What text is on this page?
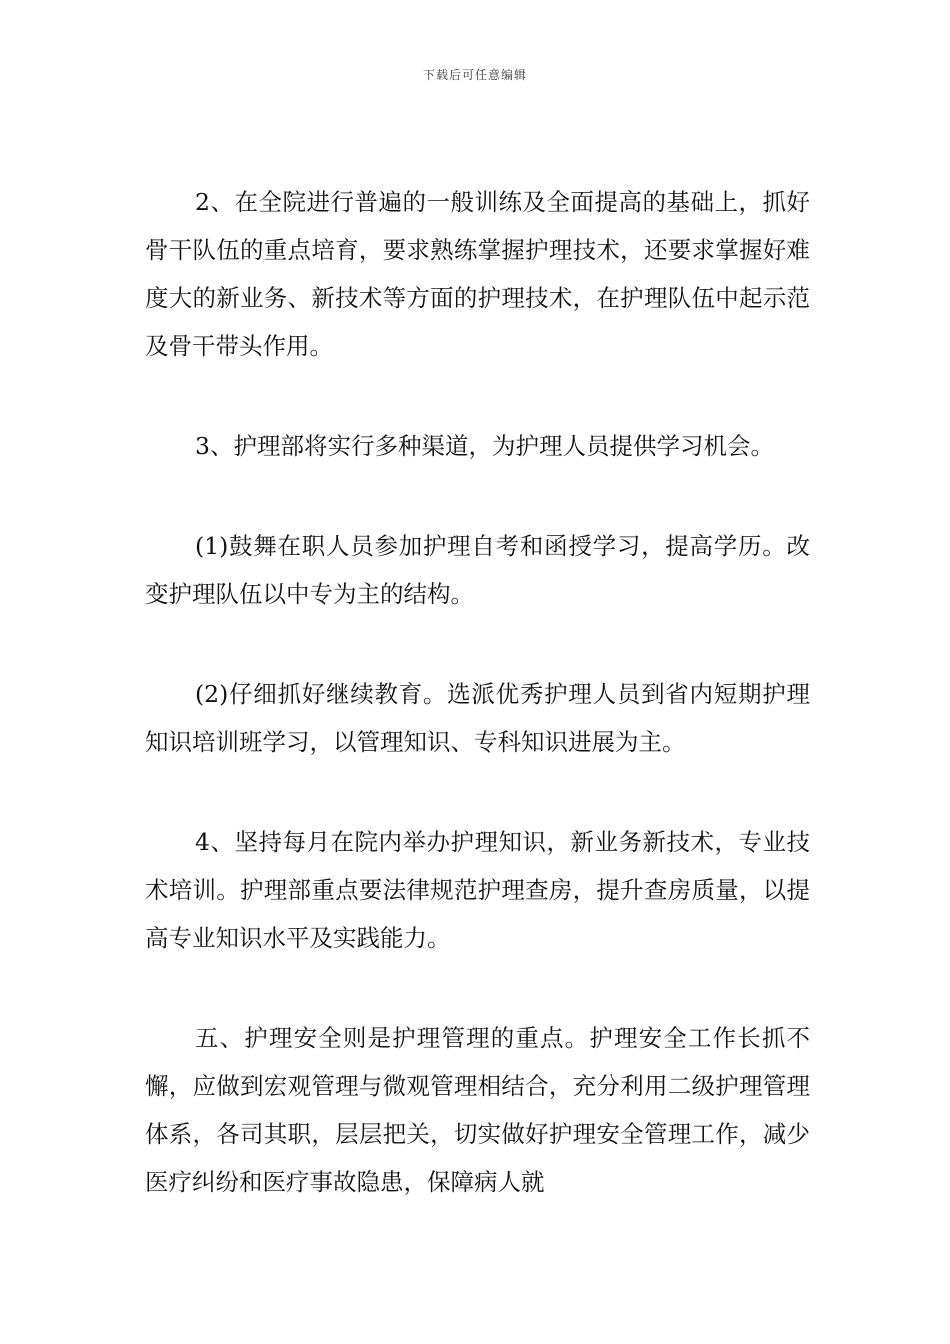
下载后可任意编辑

2、在全院进行普遍的一般训练及全面提高的基础上，抓好骨干队伍的重点培育，要求熟练掌握护理技术，还要求掌握好难度大的新业务、新技术等方面的护理技术，在护理队伍中起示范及骨干带头作用。

3、护理部将实行多种渠道，为护理人员提供学习机会。

(1)鼓舞在职人员参加护理自考和函授学习，提高学历。改变护理队伍以中专为主的结构。

(2)仔细抓好继续教育。选派优秀护理人员到省内短期护理知识培训班学习，以管理知识、专科知识进展为主。

4、坚持每月在院内举办护理知识，新业务新技术，专业技术培训。护理部重点要法律规范护理查房，提升查房质量，以提高专业知识水平及实践能力。

五、护理安全则是护理管理的重点。护理安全工作长抓不懈，应做到宏观管理与微观管理相结合，充分利用二级护理管理体系，各司其职，层层把关，切实做好护理安全管理工作，减少医疗纠纷和医疗事故隐患，保障病人就
